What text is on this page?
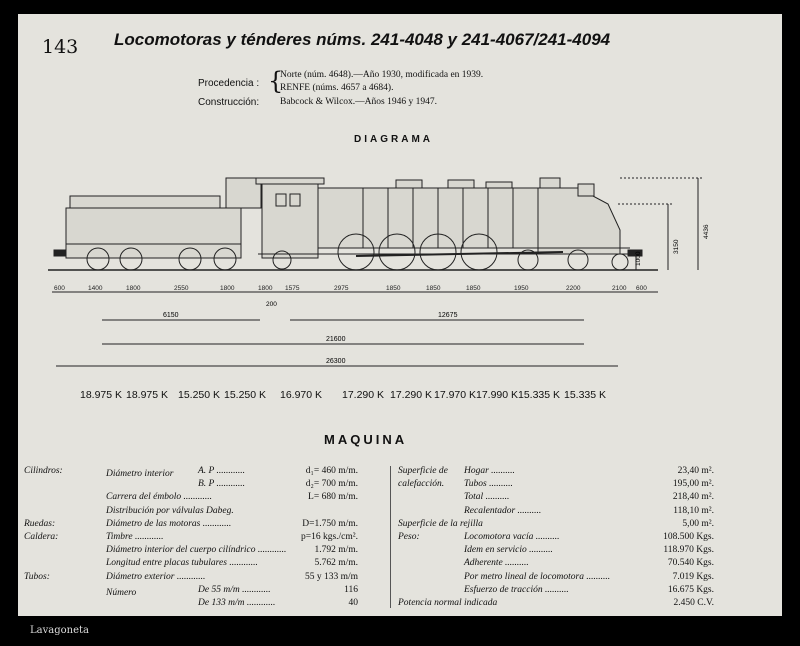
143 Locomotoras y ténderes núms. 241-4048 y 241-4067/241-4094
Procedencia : {
Norte (núm. 4648).—Año 1930, modificada en 1939.
RENFE (núms. 4657 a 4684).
Construcción: Babcock & Wilcox.—Años 1946 y 1947.
DIAGRAMA
600	1400	1800	2550	1800	1800 1575	2975	1850	1850	1850	1950	2200	2100 600
200
6150	12675
21600
26300
1000
3150
4436
18.975 K 18.975 K 15.250 K 15.250 K 16.970 K 17.290 K 17.290 K 17.970 K 17.990 K 15.335 K 15.335 K
MAQUINA
Cilindros:	Diámetro interior	A. P ............	d₁= 460 m/m.
B. P ............	d₂= 700 m/m.
Carrera del émbolo ............	L= 680 m/m.
Distribución por válvulas Dabeg.
Ruedas:	Diámetro de las motoras ............	D=1.750 m/m.
Caldera:	Timbre ............	p=16 kgs./cm².
Diámetro interior del cuerpo cilíndrico ............	1.792 m/m.
Longitud entre placas tubulares ............	5.762 m/m.
Tubos:	Diámetro exterior ............	55 y 133 m/m
Número	De 55 m/m ............	116
De 133 m/m ............	40
Superficie de Hogar ..........	23,40 m².
calefacción. Tubos ..........	195,00 m².
Total ..........	218,40 m².
Recalentador ..........	118,10 m².
Superficie de la rejilla	5,00 m².
Peso:	Locomotora vacía ..........	108.500 Kgs.
Idem en servicio ..........	118.970 Kgs.
Adherente ..........	70.540 Kgs.
Por metro lineal de locomotora ..........	7.019 Kgs.
Esfuerzo de tracción ..........	16.675 Kgs.
Potencia normal indicada	2.450 C.V.
Lavagoneta
